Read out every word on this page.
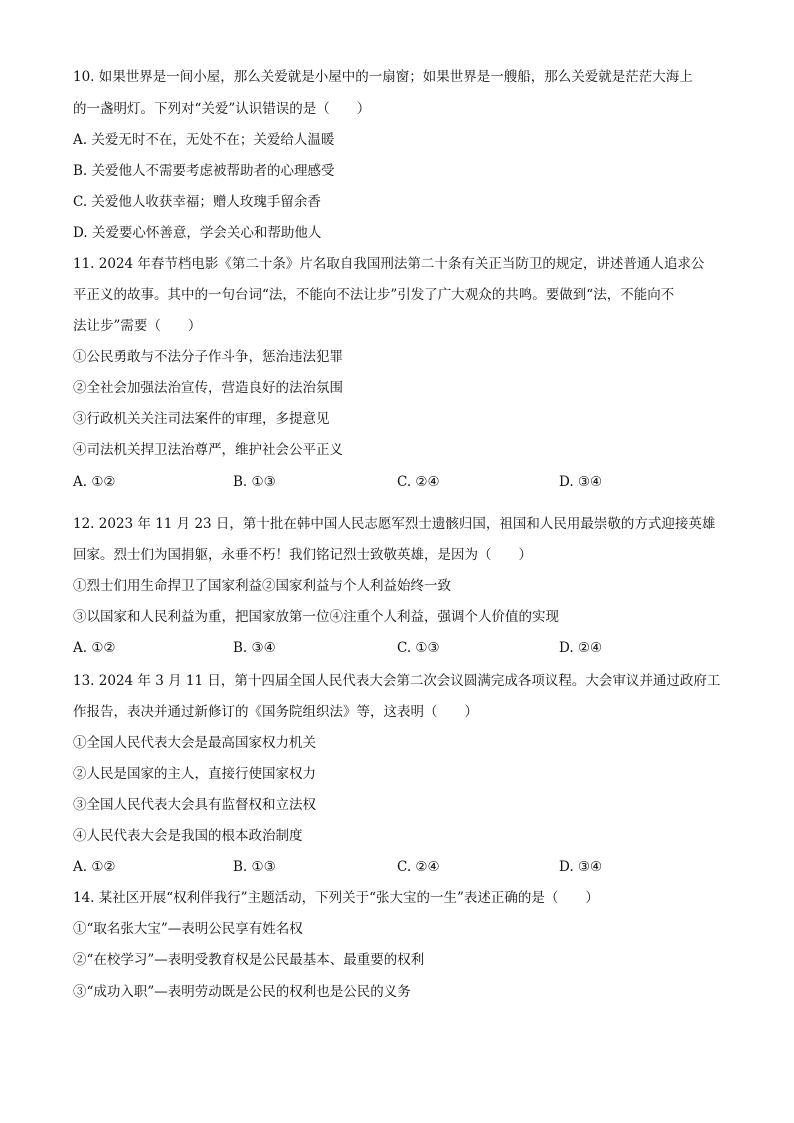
10. 如果世界是一间小屋，那么关爱就是小屋中的一扇窗；如果世界是一艘船，那么关爱就是茫茫大海上
的一盏明灯。下列对“关爱”认识错误的是（　　）
A. 关爱无时不在，无处不在；关爱给人温暖
B. 关爱他人不需要考虑被帮助者的心理感受
C. 关爱他人收获幸福；赠人玫瑰手留余香
D. 关爱要心怀善意，学会关心和帮助他人
11. 2024 年春节档电影《第二十条》片名取自我国刑法第二十条有关正当防卫的规定，讲述普通人追求公
平正义的故事。其中的一句台词“法，不能向不法让步”引发了广大观众的共鸣。要做到“法，不能向不
法让步”需要（　　）
①公民勇敢与不法分子作斗争，惩治违法犯罪
②全社会加强法治宣传，营造良好的法治氛围
③行政机关关注司法案件的审理，多提意见
④司法机关捍卫法治尊严，维护社会公平正义
A. ①②	B. ①③	C. ②④	D. ③④
12. 2023 年 11 月 23 日，第十批在韩中国人民志愿军烈士遗骸归国，祖国和人民用最崇敬的方式迎接英雄
回家。烈士们为国捐躯，永垂不朽！我们铭记烈士致敬英雄，是因为（　　）
①烈士们用生命捍卫了国家利益②国家利益与个人利益始终一致
③以国家和人民利益为重，把国家放第一位④注重个人利益，强调个人价值的实现
A. ①②	B. ③④	C. ①③	D. ②④
13. 2024 年 3 月 11 日，第十四届全国人民代表大会第二次会议圆满完成各项议程。大会审议并通过政府工
作报告，表决并通过新修订的《国务院组织法》等，这表明（　　）
①全国人民代表大会是最高国家权力机关
②人民是国家的主人，直接行使国家权力
③全国人民代表大会具有监督权和立法权
④人民代表大会是我国的根本政治制度
A. ①②	B. ①③	C. ②④	D. ③④
14. 某社区开展“权利伴我行”主题活动，下列关于“张大宝的一生”表述正确的是（　　）
①“取名张大宝”—表明公民享有姓名权
②“在校学习”—表明受教育权是公民最基本、最重要的权利
③“成功入职”—表明劳动既是公民的权利也是公民的义务
